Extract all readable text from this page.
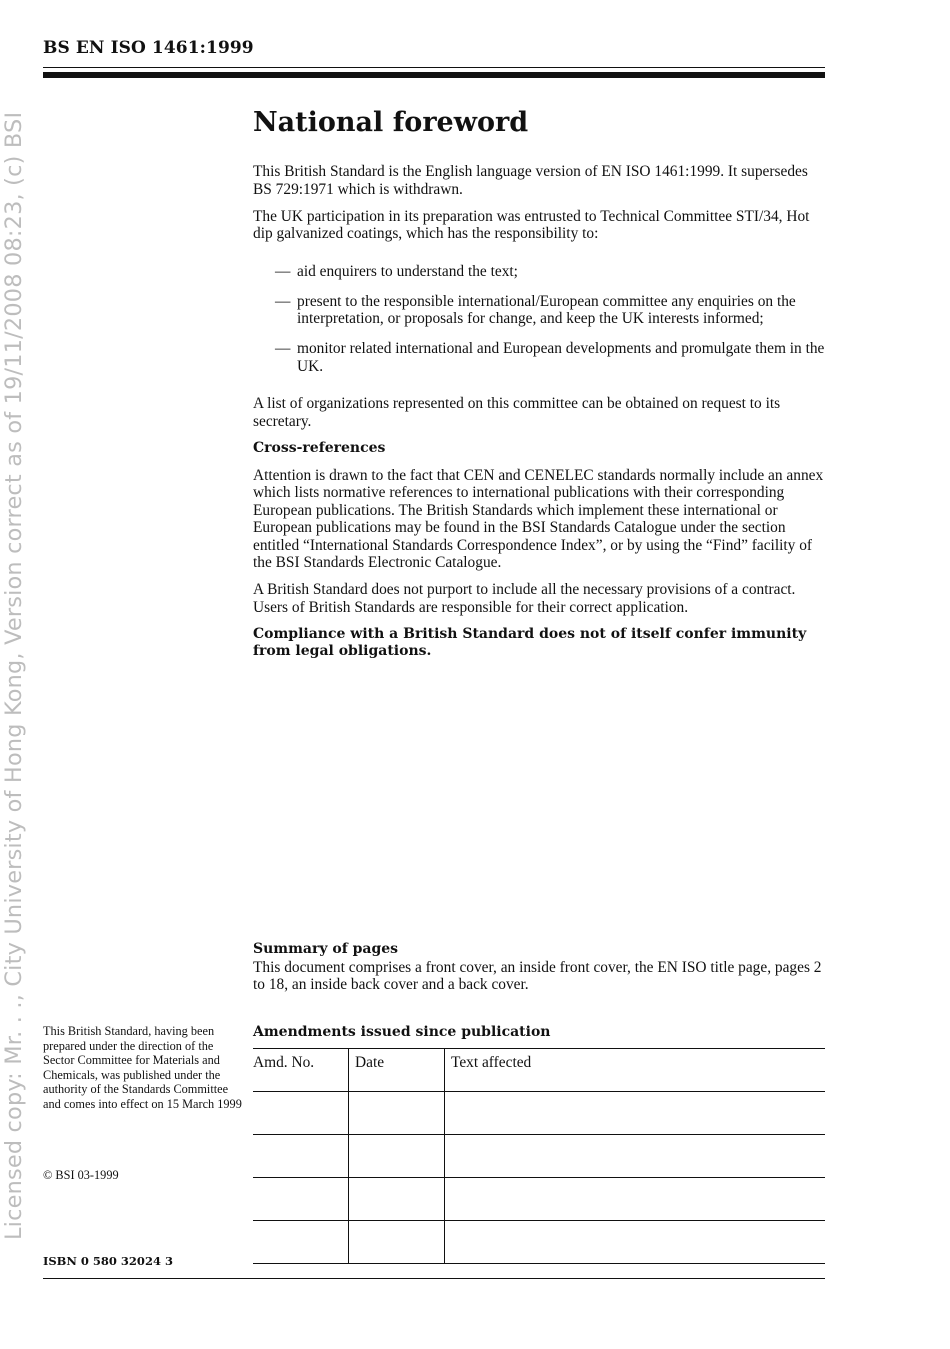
BS EN ISO 1461:1999
Licensed copy: Mr. . ., City University of Hong Kong, Version correct as of 19/11/2008 08:23, (c) BSI	National foreword

This British Standard is the English language version of EN ISO 1461:1999. It supersedes BS 729:1971 which is withdrawn.

The UK participation in its preparation was entrusted to Technical Committee STI/34, Hot dip galvanized coatings, which has the responsibility to:

— aid enquirers to understand the text;
— present to the responsible international/European committee any enquiries on the interpretation, or proposals for change, and keep the UK interests informed;
— monitor related international and European developments and promulgate them in the UK.

A list of organizations represented on this committee can be obtained on request to its secretary.

Cross-references

Attention is drawn to the fact that CEN and CENELEC standards normally include an annex which lists normative references to international publications with their corresponding European publications. The British Standards which implement these international or European publications may be found in the BSI Standards Catalogue under the section entitled “International Standards Correspondence Index”, or by using the “Find” facility of the BSI Standards Electronic Catalogue.

A British Standard does not purport to include all the necessary provisions of a contract. Users of British Standards are responsible for their correct application.

Compliance with a British Standard does not of itself confer immunity from legal obligations.

Summary of pages

This document comprises a front cover, an inside front cover, the EN ISO title page, pages 2 to 18, an inside back cover and a back cover.

Amendments issued since publication
Amd. No.	Date	Text affected

This British Standard, having been prepared under the direction of the Sector Committee for Materials and Chemicals, was published under the authority of the Standards Committee and comes into effect on 15 March 1999
© BSI 03-1999
ISBN 0 580 32024 3
